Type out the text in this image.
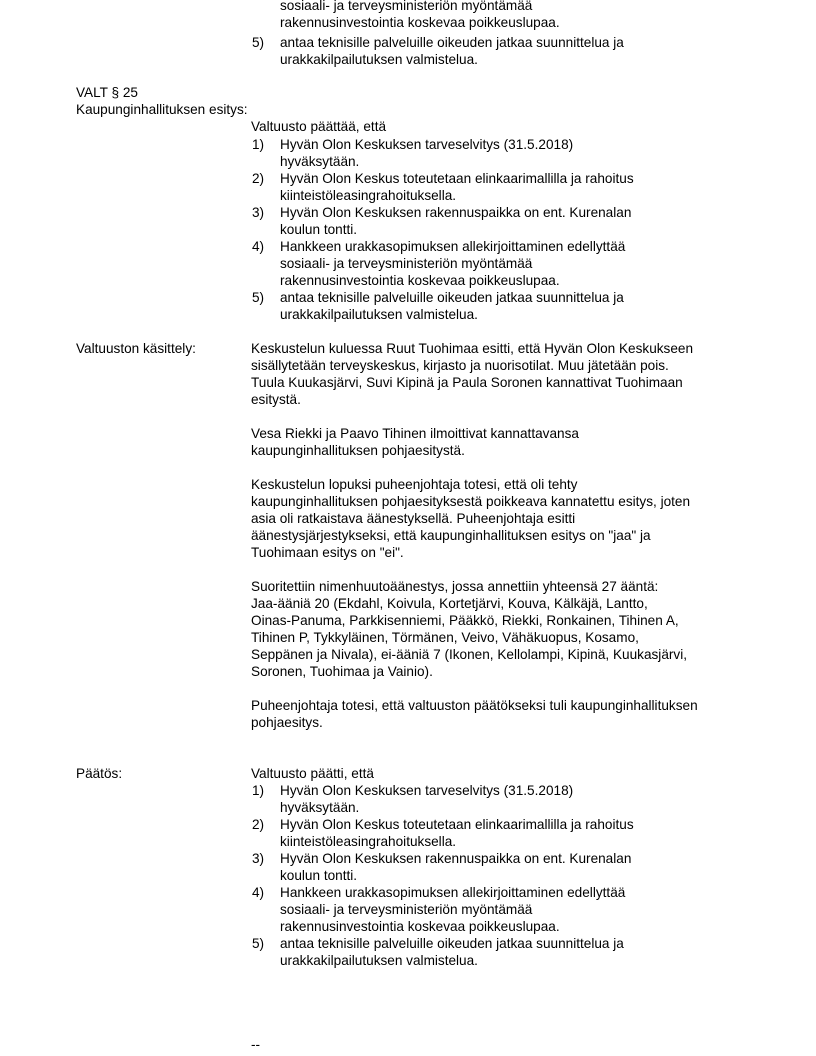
sosiaali- ja terveysministeriön myöntämää
rakennusinvestointia koskevaa poikkeuslupaa.
5)	antaa teknisille palveluille oikeuden jatkaa suunnittelua ja
urakkakilpailutuksen valmistelua.
VALT § 25
Kaupunginhallituksen esitys:
Valtuusto päättää, että
1)	Hyvän Olon Keskuksen tarveselvitys (31.5.2018)
hyväksytään.
2)	Hyvän Olon Keskus toteutetaan elinkaarimallilla ja rahoitus
kiinteistöleasingrahoituksella.
3)	Hyvän Olon Keskuksen rakennuspaikka on ent. Kurenalan
koulun tontti.
4)	Hankkeen urakkasopimuksen allekirjoittaminen edellyttää
sosiaali- ja terveysministeriön myöntämää
rakennusinvestointia koskevaa poikkeuslupaa.
5)	antaa teknisille palveluille oikeuden jatkaa suunnittelua ja
urakkakilpailutuksen valmistelua.
Valtuuston käsittely:	Keskustelun kuluessa Ruut Tuohimaa esitti, että Hyvän Olon Keskukseen
sisällytetään terveyskeskus, kirjasto ja nuorisotilat. Muu jätetään pois.
Tuula Kuukasjärvi, Suvi Kipinä ja Paula Soronen kannattivat Tuohimaan
esitystä.
Vesa Riekki ja Paavo Tihinen ilmoittivat kannattavansa
kaupunginhallituksen pohjaesitystä.
Keskustelun lopuksi puheenjohtaja totesi, että oli tehty
kaupunginhallituksen pohjaesityksestä poikkeava kannatettu esitys, joten
asia oli ratkaistava äänestyksellä. Puheenjohtaja esitti
äänestysjärjestykseksi, että kaupunginhallituksen esitys on "jaa" ja
Tuohimaan esitys on "ei".
Suoritettiin nimenhuutoäänestys, jossa annettiin yhteensä 27 ääntä:
Jaa-ääniä 20 (Ekdahl, Koivula, Kortetjärvi, Kouva, Kälkäjä, Lantto,
Oinas-Panuma, Parkkisenniemi, Pääkkö, Riekki, Ronkainen, Tihinen A,
Tihinen P, Tykkyläinen, Törmänen, Veivo, Vähäkuopus, Kosamo,
Seppänen ja Nivala), ei-ääniä 7 (Ikonen, Kellolampi, Kipinä, Kuukasjärvi,
Soronen, Tuohimaa ja Vainio).
Puheenjohtaja totesi, että valtuuston päätökseksi tuli kaupunginhallituksen
pohjaesitys.
Päätös:	Valtuusto päätti, että
1)	Hyvän Olon Keskuksen tarveselvitys (31.5.2018)
hyväksytään.
2)	Hyvän Olon Keskus toteutetaan elinkaarimallilla ja rahoitus
kiinteistöleasingrahoituksella.
3)	Hyvän Olon Keskuksen rakennuspaikka on ent. Kurenalan
koulun tontti.
4)	Hankkeen urakkasopimuksen allekirjoittaminen edellyttää
sosiaali- ja terveysministeriön myöntämää
rakennusinvestointia koskevaa poikkeuslupaa.
5)	antaa teknisille palveluille oikeuden jatkaa suunnittelua ja
urakkakilpailutuksen valmistelua.
--
